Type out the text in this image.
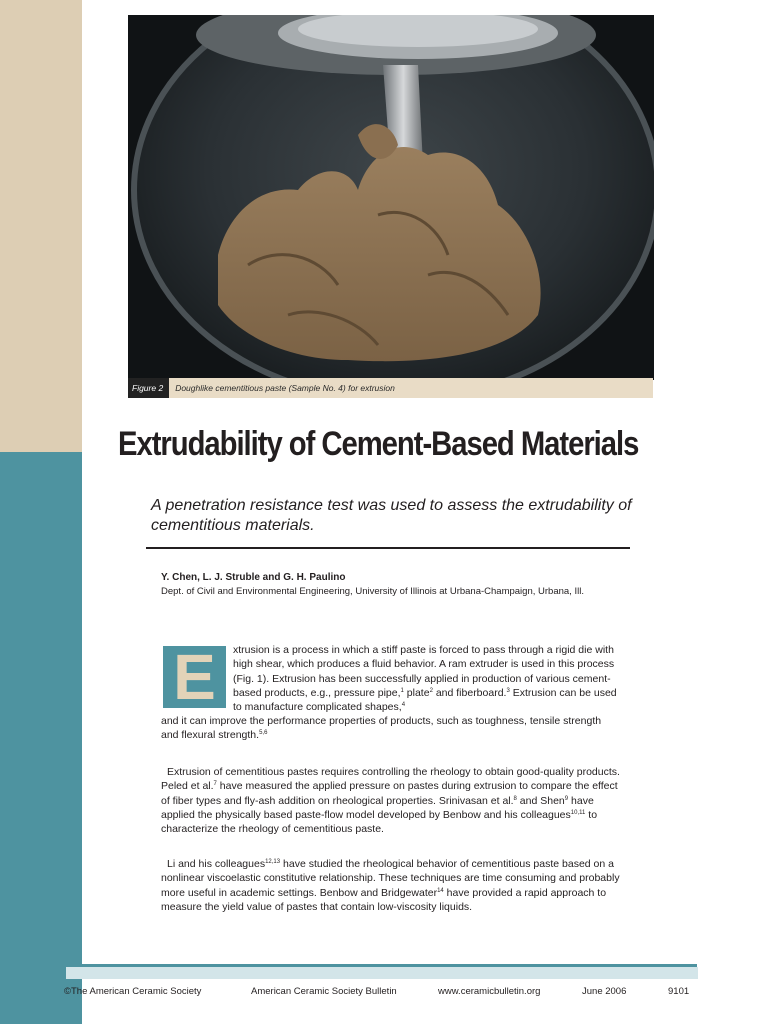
Figure 2	Doughlike cementitious paste (Sample No. 4) for extrusion
Extrudability of Cement-Based Materials
A penetration resistance test was used to assess the extrudability of cementitious materials.
Y. Chen, L. J. Struble and G. H. Paulino
Dept. of Civil and Environmental Engineering, University of Illinois at Urbana-Champaign, Urbana, Ill.
E	xtrusion is a process in which a stiff paste is forced to pass through a rigid die with high shear, which produces a fluid behavior. A ram extruder is used in this process (Fig. 1). Extrusion has been successfully applied in production of various cement-based products, e.g., pressure pipe,$^1$ plate$^2$ and fiberboard.$^3$ Extrusion can be used to manufacture complicated shapes,$^4$
and it can improve the performance properties of products, such as toughness, tensile strength and flexural strength.$^{5,6}$
Extrusion of cementitious pastes requires controlling the rheology to obtain good-quality products. Peled et al.$^7$ have measured the applied pressure on pastes during extrusion to compare the effect of fiber types and fly-ash addition on rheological properties. Srinivasan et al.$^8$ and Shen$^9$ have applied the physically based paste-flow model developed by Benbow and his colleagues$^{10,11}$ to characterize the rheology of cementitious paste.
Li and his colleagues$^{12,13}$ have studied the rheological behavior of cementitious paste based on a nonlinear viscoelastic constitutive relationship. These techniques are time consuming and probably more useful in academic settings. Benbow and Bridgewater$^{14}$ have provided a rapid approach to measure the yield value of pastes that contain low-viscosity liquids.
©The American Ceramic Society	American Ceramic Society Bulletin	www.ceramicbulletin.org	June 2006	9101
